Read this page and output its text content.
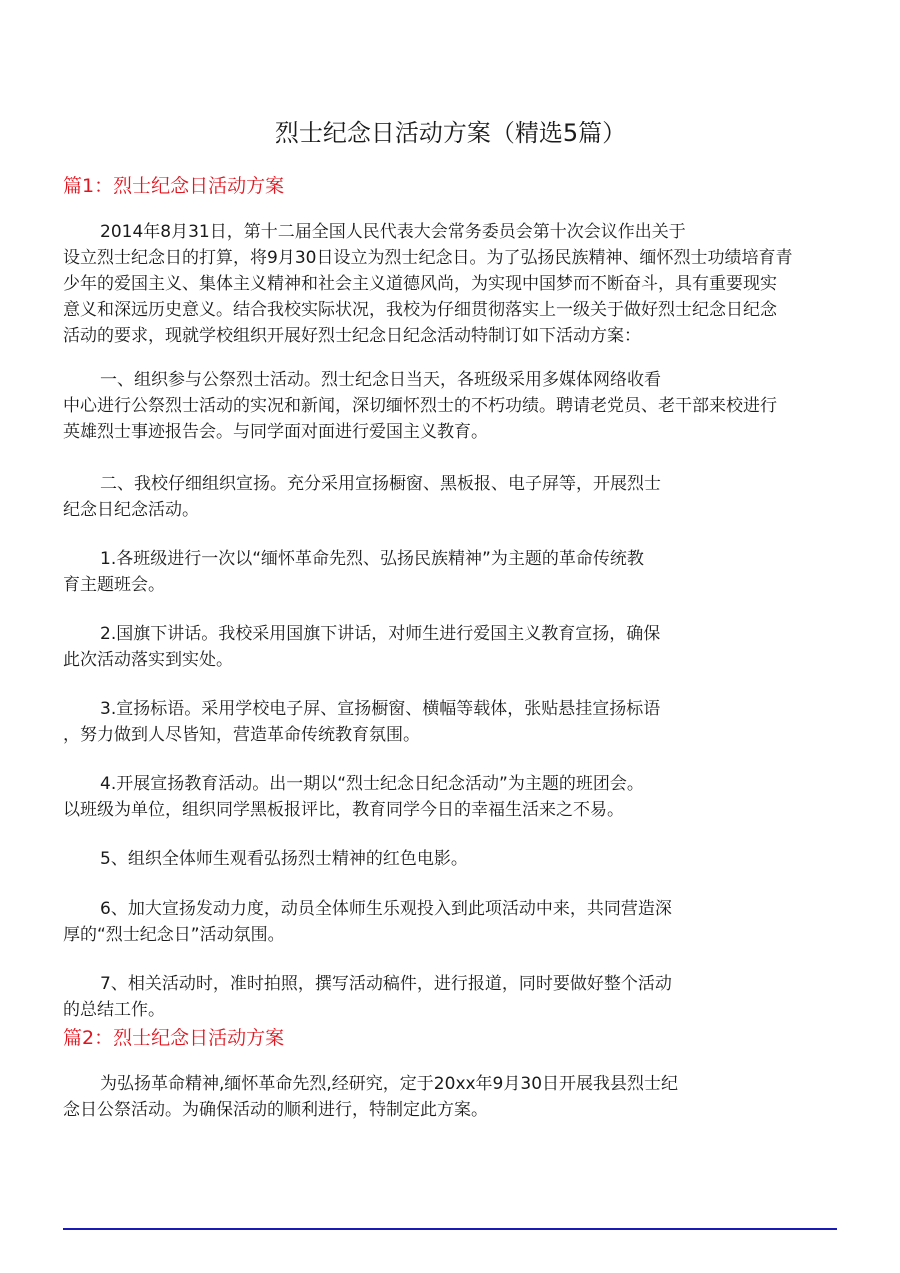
烈士纪念日活动方案（精选5篇）
篇1：烈士纪念日活动方案
2014年8月31日，第十二届全国人民代表大会常务委员会第十次会议作出关于
设立烈士纪念日的打算，将9月30日设立为烈士纪念日。为了弘扬民族精神、缅怀烈士功绩培育青
少年的爱国主义、集体主义精神和社会主义道德风尚，为实现中国梦而不断奋斗，具有重要现实
意义和深远历史意义。结合我校实际状况，我校为仔细贯彻落实上一级关于做好烈士纪念日纪念
活动的要求，现就学校组织开展好烈士纪念日纪念活动特制订如下活动方案：
一、组织参与公祭烈士活动。烈士纪念日当天，各班级采用多媒体网络收看
中心进行公祭烈士活动的实况和新闻，深切缅怀烈士的不朽功绩。聘请老党员、老干部来校进行
英雄烈士事迹报告会。与同学面对面进行爱国主义教育。
二、我校仔细组织宣扬。充分采用宣扬橱窗、黑板报、电子屏等，开展烈士
纪念日纪念活动。
1.各班级进行一次以“缅怀革命先烈、弘扬民族精神”为主题的革命传统教
育主题班会。
2.国旗下讲话。我校采用国旗下讲话，对师生进行爱国主义教育宣扬，确保
此次活动落实到实处。
3.宣扬标语。采用学校电子屏、宣扬橱窗、横幅等载体，张贴悬挂宣扬标语
，努力做到人尽皆知，营造革命传统教育氛围。
4.开展宣扬教育活动。出一期以“烈士纪念日纪念活动”为主题的班团会。
以班级为单位，组织同学黑板报评比，教育同学今日的幸福生活来之不易。
5、组织全体师生观看弘扬烈士精神的红色电影。
6、加大宣扬发动力度，动员全体师生乐观投入到此项活动中来，共同营造深
厚的“烈士纪念日”活动氛围。
7、相关活动时，准时拍照，撰写活动稿件，进行报道，同时要做好整个活动
的总结工作。
篇2：烈士纪念日活动方案
为弘扬革命精神,缅怀革命先烈,经研究，定于20xx年9月30日开展我县烈士纪
念日公祭活动。为确保活动的顺利进行，特制定此方案。
